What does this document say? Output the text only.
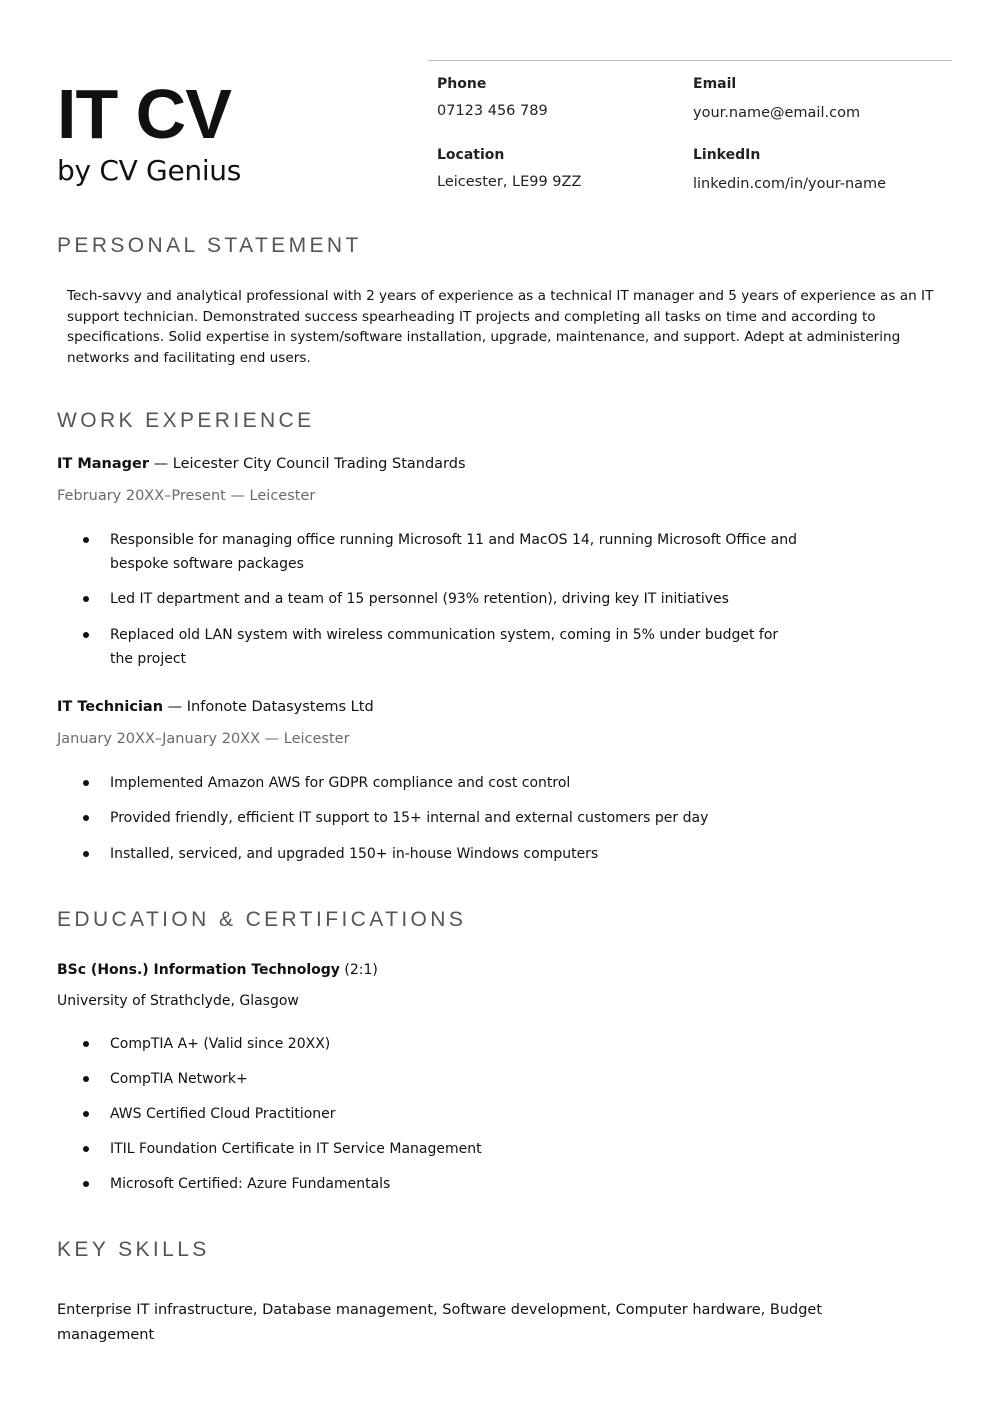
IT CV
by CV Genius
Phone
07123 456 789
Email
your.name@email.com
Location
Leicester, LE99 9ZZ
LinkedIn
linkedin.com/in/your-name
PERSONAL STATEMENT
Tech-savvy and analytical professional with 2 years of experience as a technical IT manager and 5 years of experience as an IT support technician. Demonstrated success spearheading IT projects and completing all tasks on time and according to specifications. Solid expertise in system/software installation, upgrade, maintenance, and support. Adept at administering networks and facilitating end users.
WORK EXPERIENCE
IT Manager — Leicester City Council Trading Standards
February 20XX–Present — Leicester
Responsible for managing office running Microsoft 11 and MacOS 14, running Microsoft Office and bespoke software packages
Led IT department and a team of 15 personnel (93% retention), driving key IT initiatives
Replaced old LAN system with wireless communication system, coming in 5% under budget for the project
IT Technician — Infonote Datasystems Ltd
January 20XX–January 20XX — Leicester
Implemented Amazon AWS for GDPR compliance and cost control
Provided friendly, efficient IT support to 15+ internal and external customers per day
Installed, serviced, and upgraded 150+ in-house Windows computers
EDUCATION & CERTIFICATIONS
BSc (Hons.) Information Technology (2:1)
University of Strathclyde, Glasgow
CompTIA A+ (Valid since 20XX)
CompTIA Network+
AWS Certified Cloud Practitioner
ITIL Foundation Certificate in IT Service Management
Microsoft Certified: Azure Fundamentals
KEY SKILLS
Enterprise IT infrastructure, Database management, Software development, Computer hardware, Budget management
